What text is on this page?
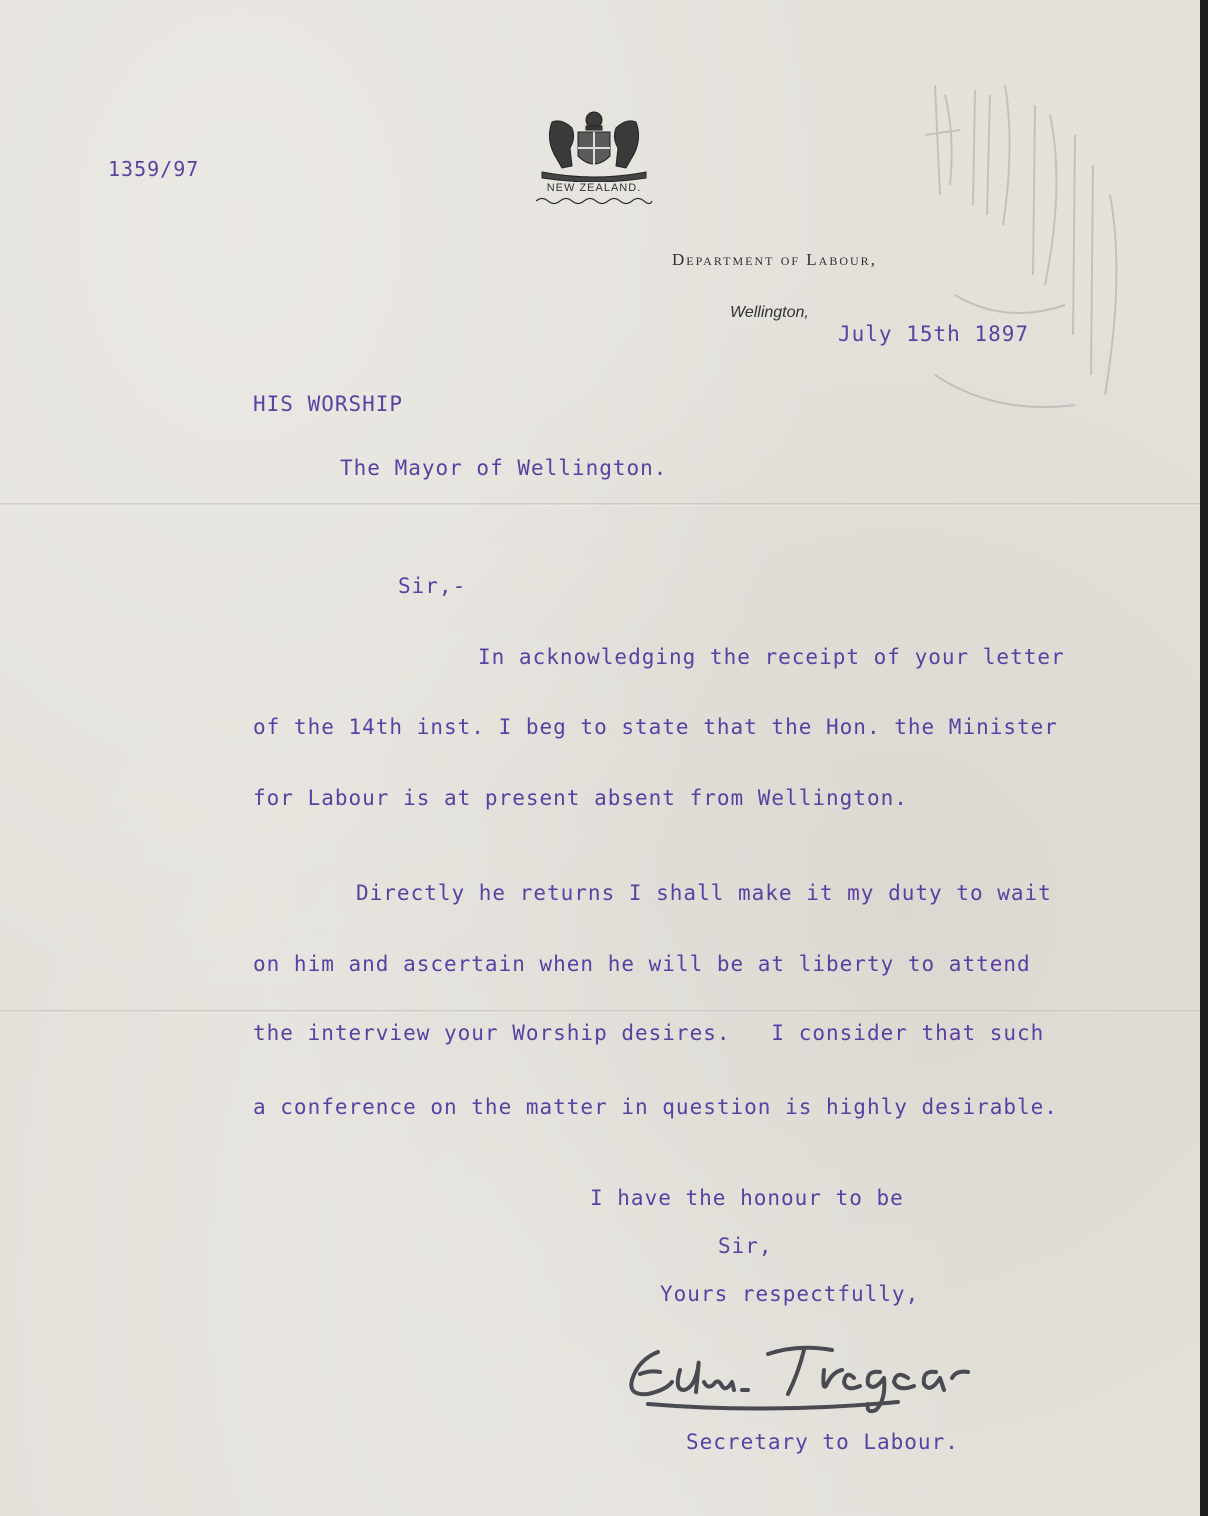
1359/97
NEW ZEALAND.
Department of Labour,
Wellington,
July 15th 1897
HIS WORSHIP
The Mayor of Wellington.
Sir,-
In acknowledging the receipt of your letter
of the 14th inst. I beg to state that the Hon. the Minister
for Labour is at present absent from Wellington.
Directly he returns I shall make it my duty to wait
on him and ascertain when he will be at liberty to attend
the interview your Worship desires.   I consider that such
a conference on the matter in question is highly desirable.
I have the honour to be
Sir,
Yours respectfully,
Secretary to Labour.
